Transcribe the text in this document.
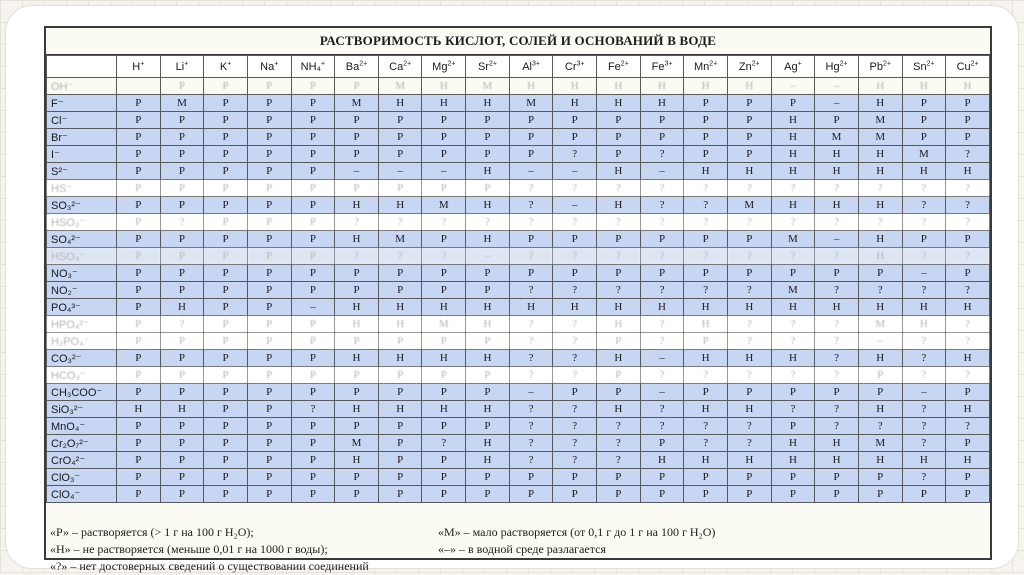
РАСТВОРИМОСТЬ КИСЛОТ, СОЛЕЙ И ОСНОВАНИЙ В ВОДЕ
	H+	Li+	K+	Na+	NH₄+	$Ba^{2+}$	$Ca^{2+}$	$Mg^{2+}$	$Sr^{2+}$	$Al^{3+}$	$Cr^{3+}$	$Fe^{2+}$	$Fe^{3+}$	$Mn^{2+}$	$Zn^{2+}$	Ag+	$Hg^{2+}$	$Pb^{2+}$	$Sn^{2+}$	$Cu^{2+}$
OH⁻		Р	Р	Р	Р	Р	М	Н	М	Н	Н	Н	Н	Н	Н	–	–	Н	Н	Н
F⁻	Р	М	Р	Р	Р	М	Н	Н	Н	М	Н	Н	Н	Р	Р	Р	–	Н	Р	Р
Cl⁻	Р	Р	Р	Р	Р	Р	Р	Р	Р	Р	Р	Р	Р	Р	Р	Н	Р	М	Р	Р
Br⁻	Р	Р	Р	Р	Р	Р	Р	Р	Р	Р	Р	Р	Р	Р	Р	Н	М	М	Р	Р
I⁻	Р	Р	Р	Р	Р	Р	Р	Р	Р	Р	?	Р	?	Р	Р	Н	Н	Н	М	?
S²⁻	Р	Р	Р	Р	Р	–	–	–	Н	–	–	Н	–	Н	Н	Н	Н	Н	Н	Н
HS⁻	Р	Р	Р	Р	Р	Р	Р	Р	Р	?	?	?	?	?	?	?	?	?	?	?
SO₃²⁻	Р	Р	Р	Р	Р	Н	Н	М	Н	?	–	Н	?	?	М	Н	Н	Н	?	?
HSO₃⁻	Р	?	Р	Р	Р	?	?	?	?	?	?	?	?	?	?	?	?	?	?	?
SO₄²⁻	Р	Р	Р	Р	Р	Н	М	Р	Н	Р	Р	Р	Р	Р	Р	М	–	Н	Р	Р
HSO₄⁻	Р	Р	Р	Р	Р	?	?	?	–	?	?	?	?	?	?	?	?	Н	?	?
NO₃⁻	Р	Р	Р	Р	Р	Р	Р	Р	Р	Р	Р	Р	Р	Р	Р	Р	Р	Р	–	Р
NO₂⁻	Р	Р	Р	Р	Р	Р	Р	Р	Р	?	?	?	?	?	?	М	?	?	?	?
PO₄³⁻	Р	Н	Р	Р	–	Н	Н	Н	Н	Н	Н	Н	Н	Н	Н	Н	Н	Н	Н	Н
HPO₄²⁻	Р	?	Р	Р	Р	Н	Н	М	Н	?	?	Н	?	Н	?	?	?	М	Н	?
H₂PO₄⁻	Р	Р	Р	Р	Р	Р	Р	Р	Р	?	?	Р	?	Р	?	?	?	–	?	?
CO₃²⁻	Р	Р	Р	Р	Р	Н	Н	Н	Н	?	?	Н	–	Н	Н	Н	?	Н	?	Н
HCO₃⁻	Р	Р	Р	Р	Р	Р	Р	Р	Р	?	?	Р	?	?	?	?	?	Р	?	?
CH₃COO⁻	Р	Р	Р	Р	Р	Р	Р	Р	Р	–	Р	Р	–	Р	Р	Р	Р	Р	–	Р
SiO₃²⁻	Н	Н	Р	Р	?	Н	Н	Н	Н	?	?	Н	?	Н	Н	?	?	Н	?	Н
MnO₄⁻	Р	Р	Р	Р	Р	Р	Р	Р	Р	?	?	?	?	?	?	Р	?	?	?	?
Cr₂O₇²⁻	Р	Р	Р	Р	Р	М	Р	?	Н	?	?	?	Р	?	?	Н	Н	М	?	Р
CrO₄²⁻	Р	Р	Р	Р	Р	Н	Р	Р	Н	?	?	?	Н	Н	Н	Н	Н	Н	Н	Н
ClO₃⁻	Р	Р	Р	Р	Р	Р	Р	Р	Р	Р	Р	Р	Р	Р	Р	Р	Р	Р	?	Р
ClO₄⁻	Р	Р	Р	Р	Р	Р	Р	Р	Р	Р	Р	Р	Р	Р	Р	Р	Р	Р	Р	Р
«Р» – растворяется (> 1 г на 100 г H₂O);	«М» – мало растворяется (от 0,1 г до 1 г на 100 г H₂O)
«Н» – не растворяется (меньше 0,01 г на 1000 г воды);	«–» – в водной среде разлагается
«?» – нет достоверных сведений о существовании соединений
